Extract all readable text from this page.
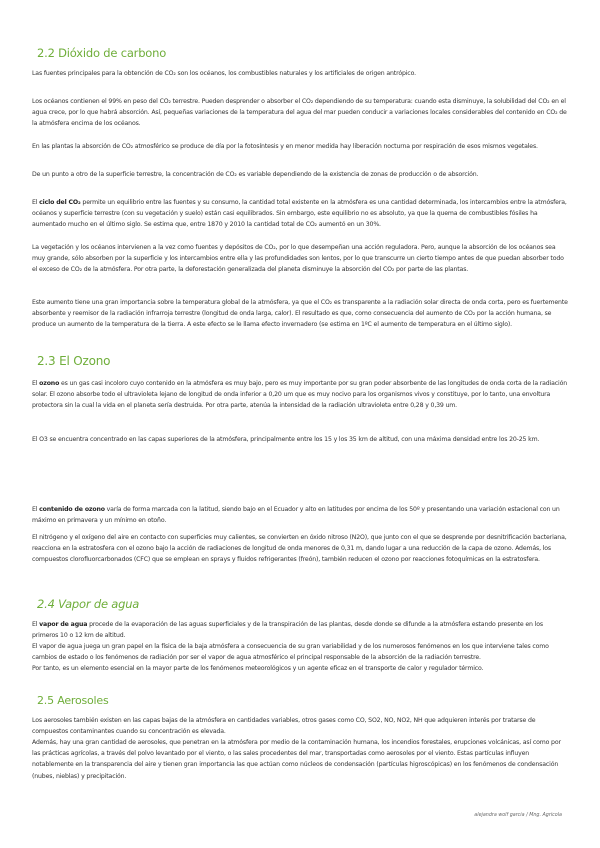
2.2 Dióxido de carbono

Las fuentes principales para la obtención de CO₂ son los océanos, los combustibles naturales y los artificiales de origen antrópico.

Los océanos contienen el 99% en peso del CO₂ terrestre. Pueden desprender o absorber el CO₂ dependiendo de su temperatura: cuando esta disminuye, la solubilidad del CO₂ en el agua crece, por lo que habrá absorción. Así, pequeñas variaciones de la temperatura del agua del mar pueden conducir a variaciones locales considerables del contenido en CO₂ de la atmósfera encima de los océanos.

En las plantas la absorción de CO₂ atmosférico se produce de día por la fotosíntesis y en menor medida hay liberación nocturna por respiración de esos mismos vegetales.

De un punto a otro de la superficie terrestre, la concentración de CO₂ es variable dependiendo de la existencia de zonas de producción o de absorción.

El ciclo del CO₂ permite un equilibrio entre las fuentes y su consumo, la cantidad total existente en la atmósfera es una cantidad determinada, los intercambios entre la atmósfera, océanos y superficie terrestre (con su vegetación y suelo) están casi equilibrados. Sin embargo, este equilibrio no es absoluto, ya que la quema de combustibles fósiles ha aumentado mucho en el último siglo. Se estima que, entre 1870 y 2010 la cantidad total de CO₂ aumentó en un 30%.

La vegetación y los océanos intervienen a la vez como fuentes y depósitos de CO₂, por lo que desempeñan una acción reguladora. Pero, aunque la absorción de los océanos sea muy grande, sólo absorben por la superficie y los intercambios entre ella y las profundidades son lentos, por lo que transcurre un cierto tiempo antes de que puedan absorber todo el exceso de CO₂ de la atmósfera. Por otra parte, la deforestación generalizada del planeta disminuye la absorción del CO₂ por parte de las plantas.

Este aumento tiene una gran importancia sobre la temperatura global de la atmósfera, ya que el CO₂ es transparente a la radiación solar directa de onda corta, pero es fuertemente absorbente y reemisor de la radiación infrarroja terrestre (longitud de onda larga, calor). El resultado es que, como consecuencia del aumento de CO₂ por la acción humana, se produce un aumento de la temperatura de la tierra. A este efecto se le llama efecto invernadero (se estima en 1ºC el aumento de temperatura en el último siglo).

2.3 El Ozono

El ozono es un gas casi incoloro cuyo contenido en la atmósfera es muy bajo, pero es muy importante por su gran poder absorbente de las longitudes de onda corta de la radiación solar. El ozono absorbe todo el ultravioleta lejano de longitud de onda inferior a 0,20 um que es muy nocivo para los organismos vivos y constituye, por lo tanto, una envoltura protectora sin la cual la vida en el planeta sería destruida. Por otra parte, atenúa la intensidad de la radiación ultravioleta entre 0,28 y 0,39 um.

El O3 se encuentra concentrado en las capas superiores de la atmósfera, principalmente entre los 15 y los 35 km de altitud, con una máxima densidad entre los 20-25 km.

El contenido de ozono varía de forma marcada con la latitud, siendo bajo en el Ecuador y alto en latitudes por encima de los 50º y presentando una variación estacional con un máximo en primavera y un mínimo en otoño.

El nitrógeno y el oxígeno del aire en contacto con superficies muy calientes, se convierten en óxido nitroso (N2O), que junto con el que se desprende por desnitrificación bacteriana, reacciona en la estratosfera con el ozono bajo la acción de radiaciones de longitud de onda menores de 0,31 m, dando lugar a una reducción de la capa de ozono. Además, los compuestos clorofluorcarbonados (CFC) que se emplean en sprays y fluidos refrigerantes (freón), también reducen el ozono por reacciones fotoquímicas en la estratosfera.

2.4 Vapor de agua

El vapor de agua procede de la evaporación de las aguas superficiales y de la transpiración de las plantas, desde donde se difunde a la atmósfera estando presente en los primeros 10 o 12 km de altitud.

El vapor de agua juega un gran papel en la física de la baja atmósfera a consecuencia de su gran variabilidad y de los numerosos fenómenos en los que interviene tales como cambios de estado o los fenómenos de radiación por ser el vapor de agua atmosférico el principal responsable de la absorción de la radiación terrestre.

Por tanto, es un elemento esencial en la mayor parte de los fenómenos meteorológicos y un agente eficaz en el transporte de calor y regulador térmico.

2.5 Aerosoles

Los aerosoles también existen en las capas bajas de la atmósfera en cantidades variables, otros gases como CO, SO2, NO, NO2, NH que adquieren interés por tratarse de compuestos contaminantes cuando su concentración es elevada.

Además, hay una gran cantidad de aerosoles, que penetran en la atmósfera por medio de la contaminación humana, los incendios forestales, erupciones volcánicas, así como por las prácticas agrícolas, a través del polvo levantado por el viento, o las sales procedentes del mar, transportadas como aerosoles por el viento. Estas partículas influyen notablemente en la transparencia del aire y tienen gran importancia las que actúan como núcleos de condensación (partículas higroscópicas) en los fenómenos de condensación (nubes, nieblas) y precipitación.

alejandra wolf garcia / Mng. Agricola
